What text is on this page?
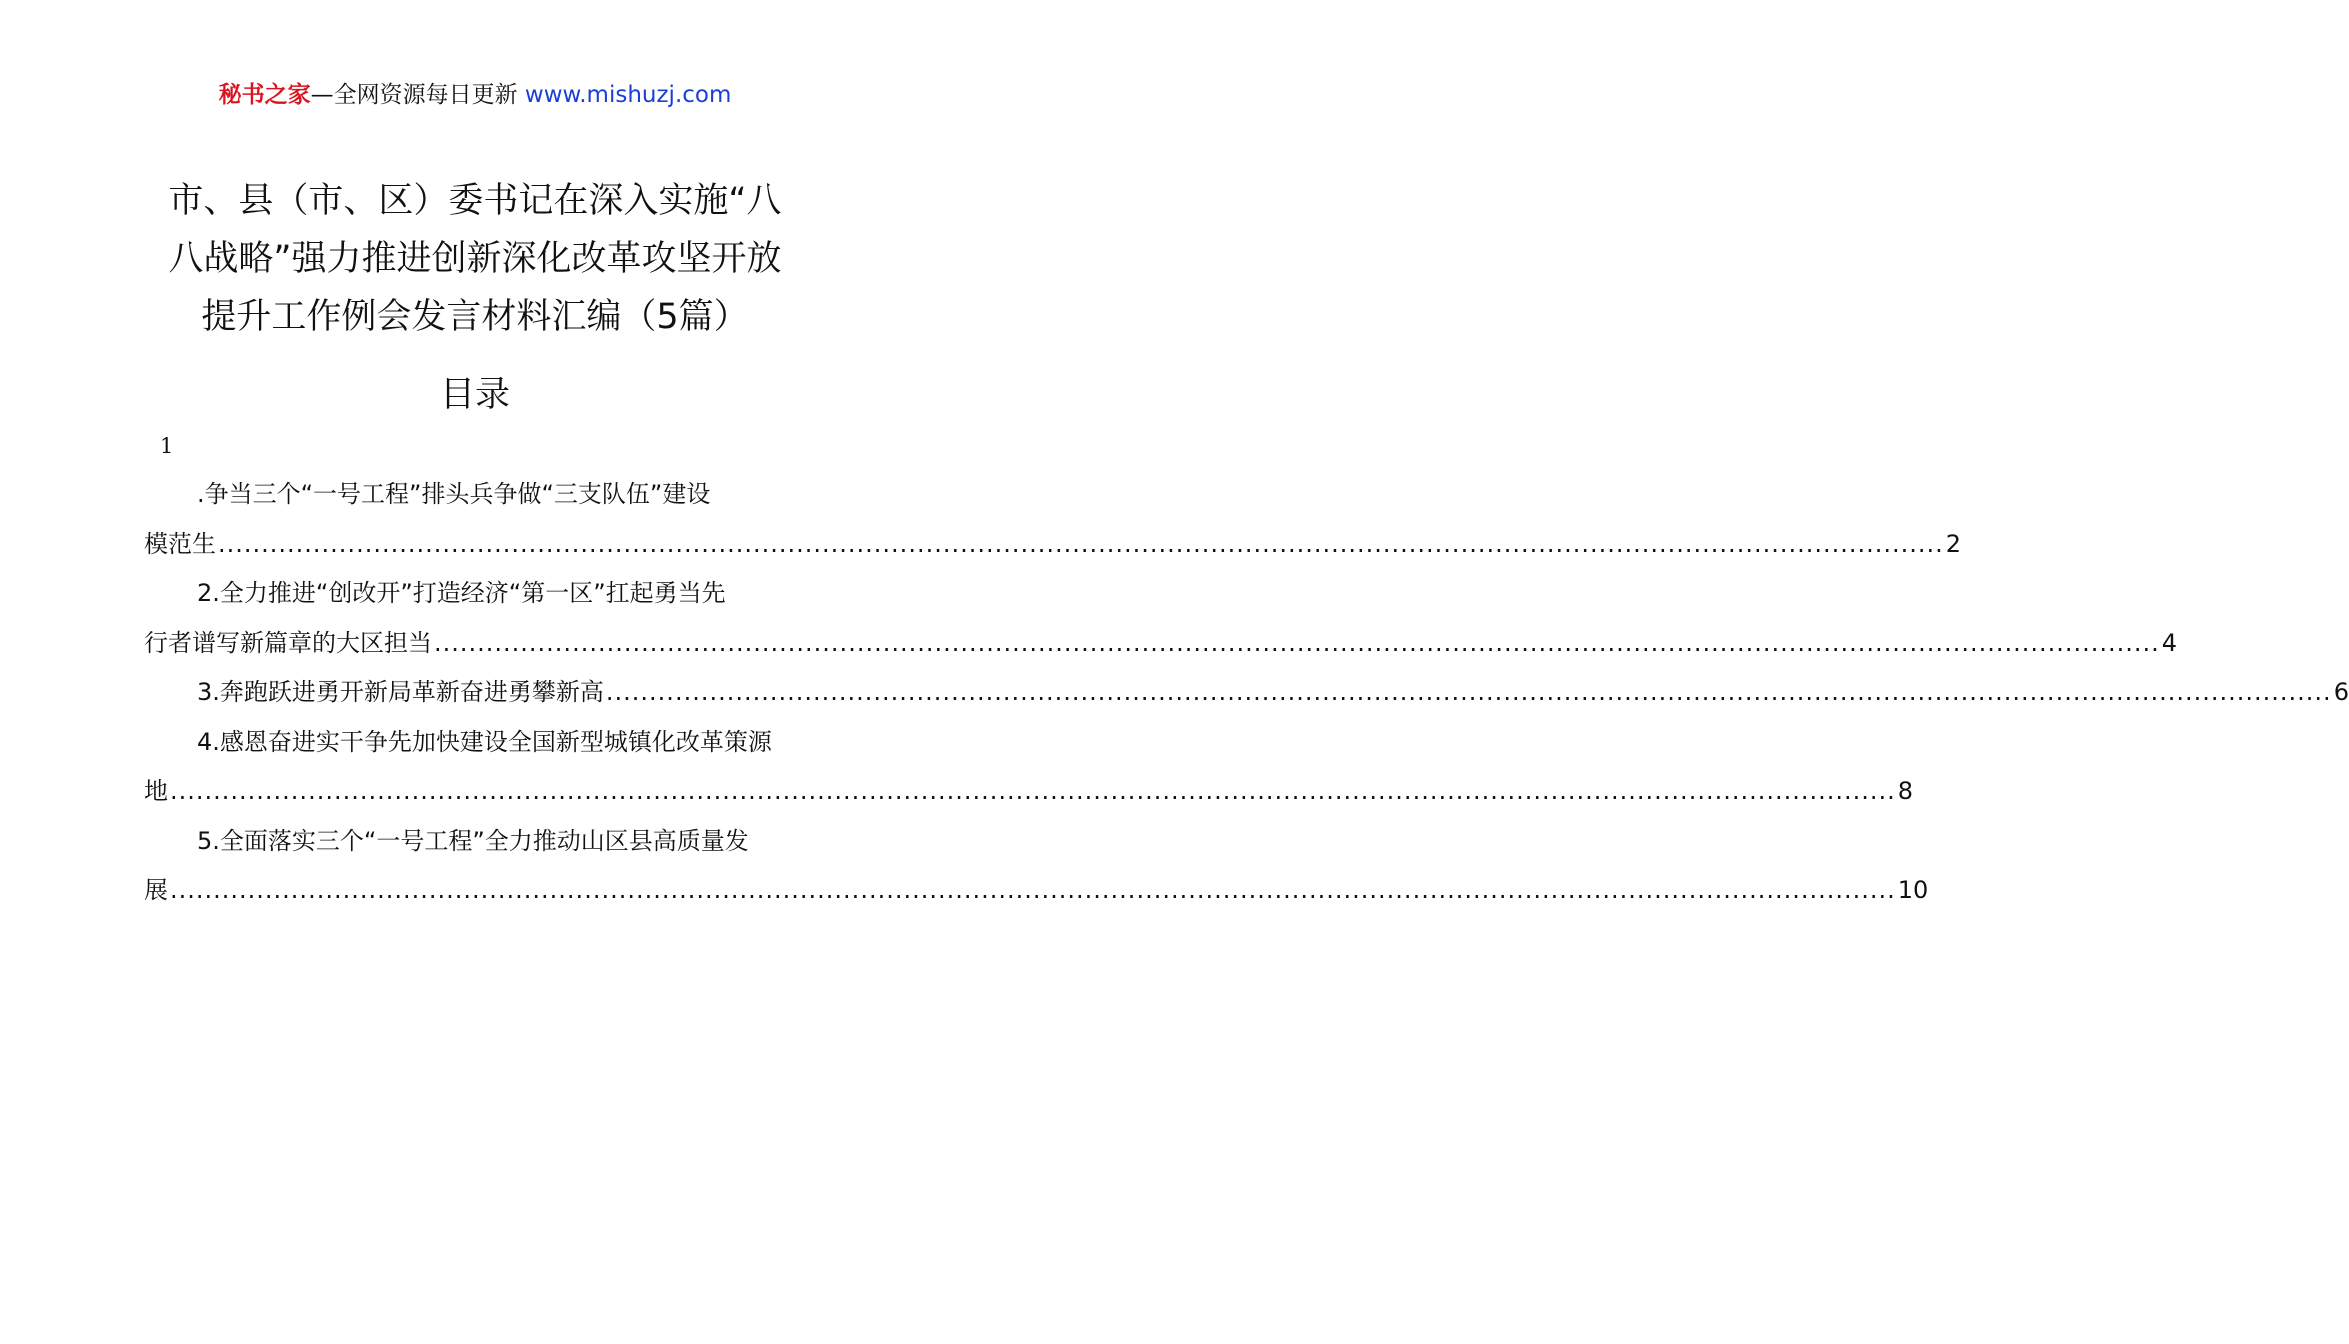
秘书之家—全网资源每日更新 www.mishuzj.com
市、县（市、区）委书记在深入实施“八
八战略”强力推进创新深化改革攻坚开放
提升工作例会发言材料汇编（5篇）
目录
1
.争当三个“一号工程”排头兵争做“三支队伍”建设
模范生 ........................................................................................................................................................................................................ 2
2.全力推进“创改开”打造经济“第一区”扛起勇当先
行者谱写新篇章的大区担当 ........................................................................................................................................................................................................ 4
3.奔跑跃进勇开新局革新奋进勇攀新高 ........................................................................................................................................................................................................ 6
4.感恩奋进实干争先加快建设全国新型城镇化改革策源
地 ........................................................................................................................................................................................................ 8
5.全面落实三个“一号工程”全力推动山区县高质量发
展 ........................................................................................................................................................................................................ 10
